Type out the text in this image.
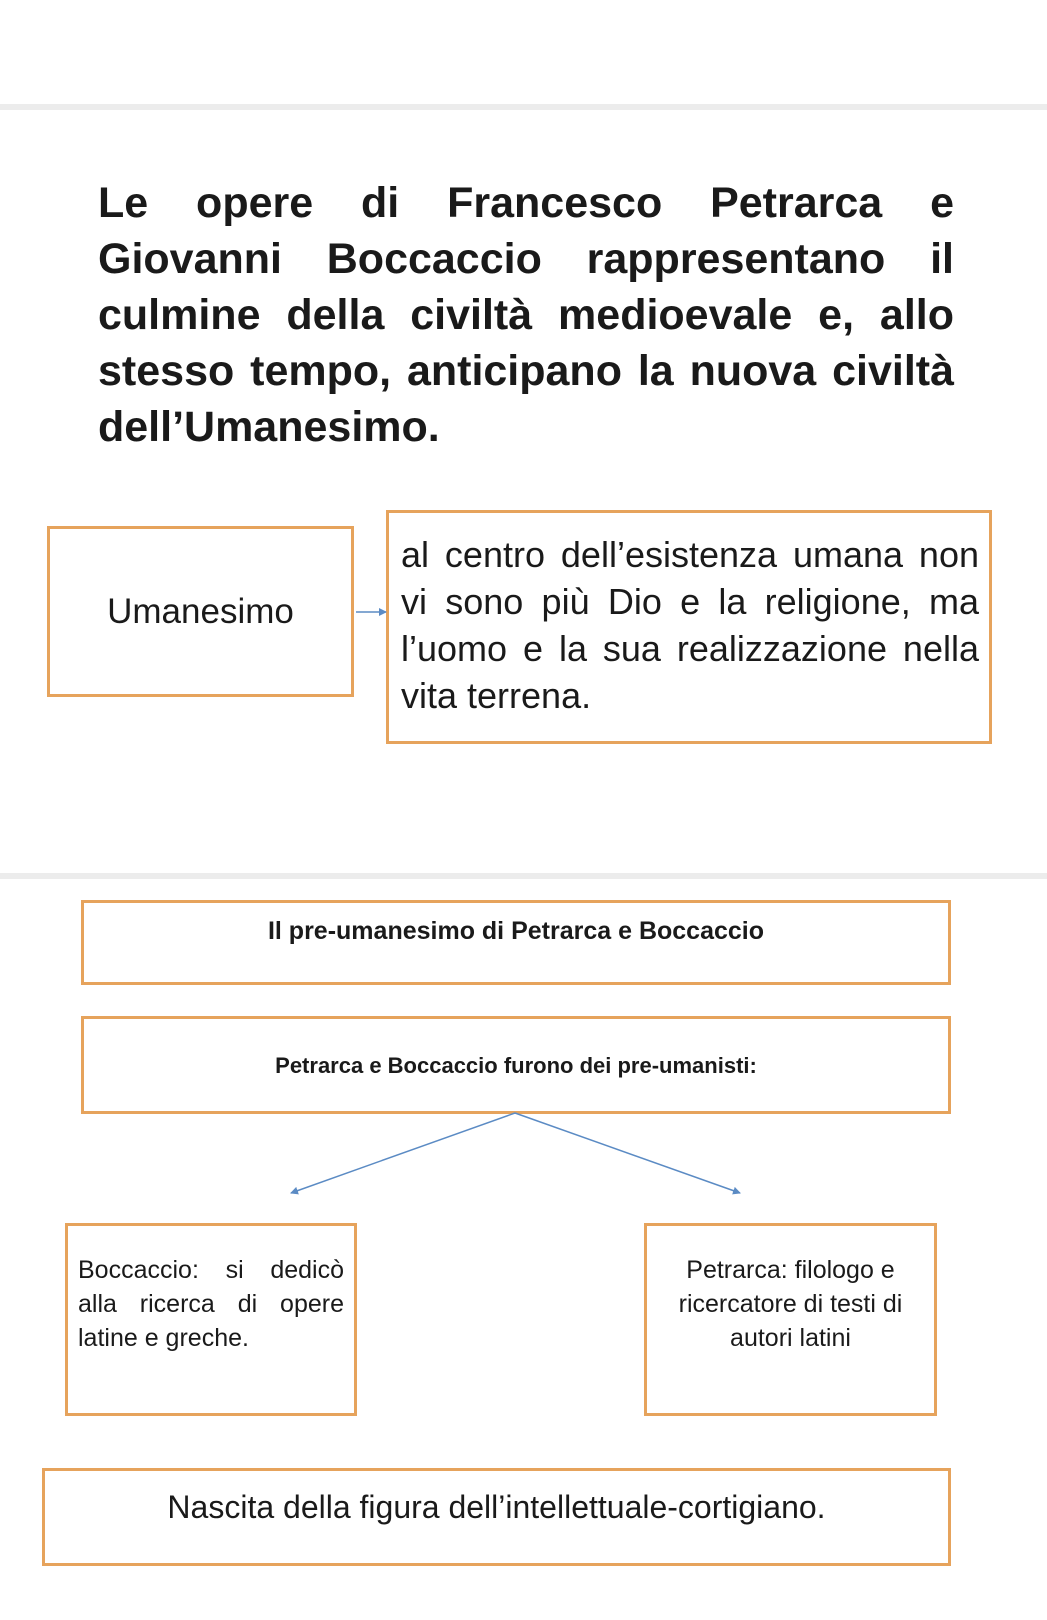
Le opere di Francesco Petrarca e Giovanni Boccaccio rappresentano il culmine della civiltà medioevale e, allo stesso tempo, anticipano la nuova civiltà dell’Umanesimo.

Umanesimo
al centro dell’esistenza umana non vi sono più Dio e la religione, ma l’uomo e la sua realizzazione nella vita terrena.
Il pre-umanesimo di Petrarca e Boccaccio
Petrarca e Boccaccio furono dei pre-umanisti:
Boccaccio: si dedicò alla ricerca di opere latine e greche.
Petrarca: filologo e ricercatore di testi di autori latini
Nascita della figura dell’intellettuale-cortigiano.
